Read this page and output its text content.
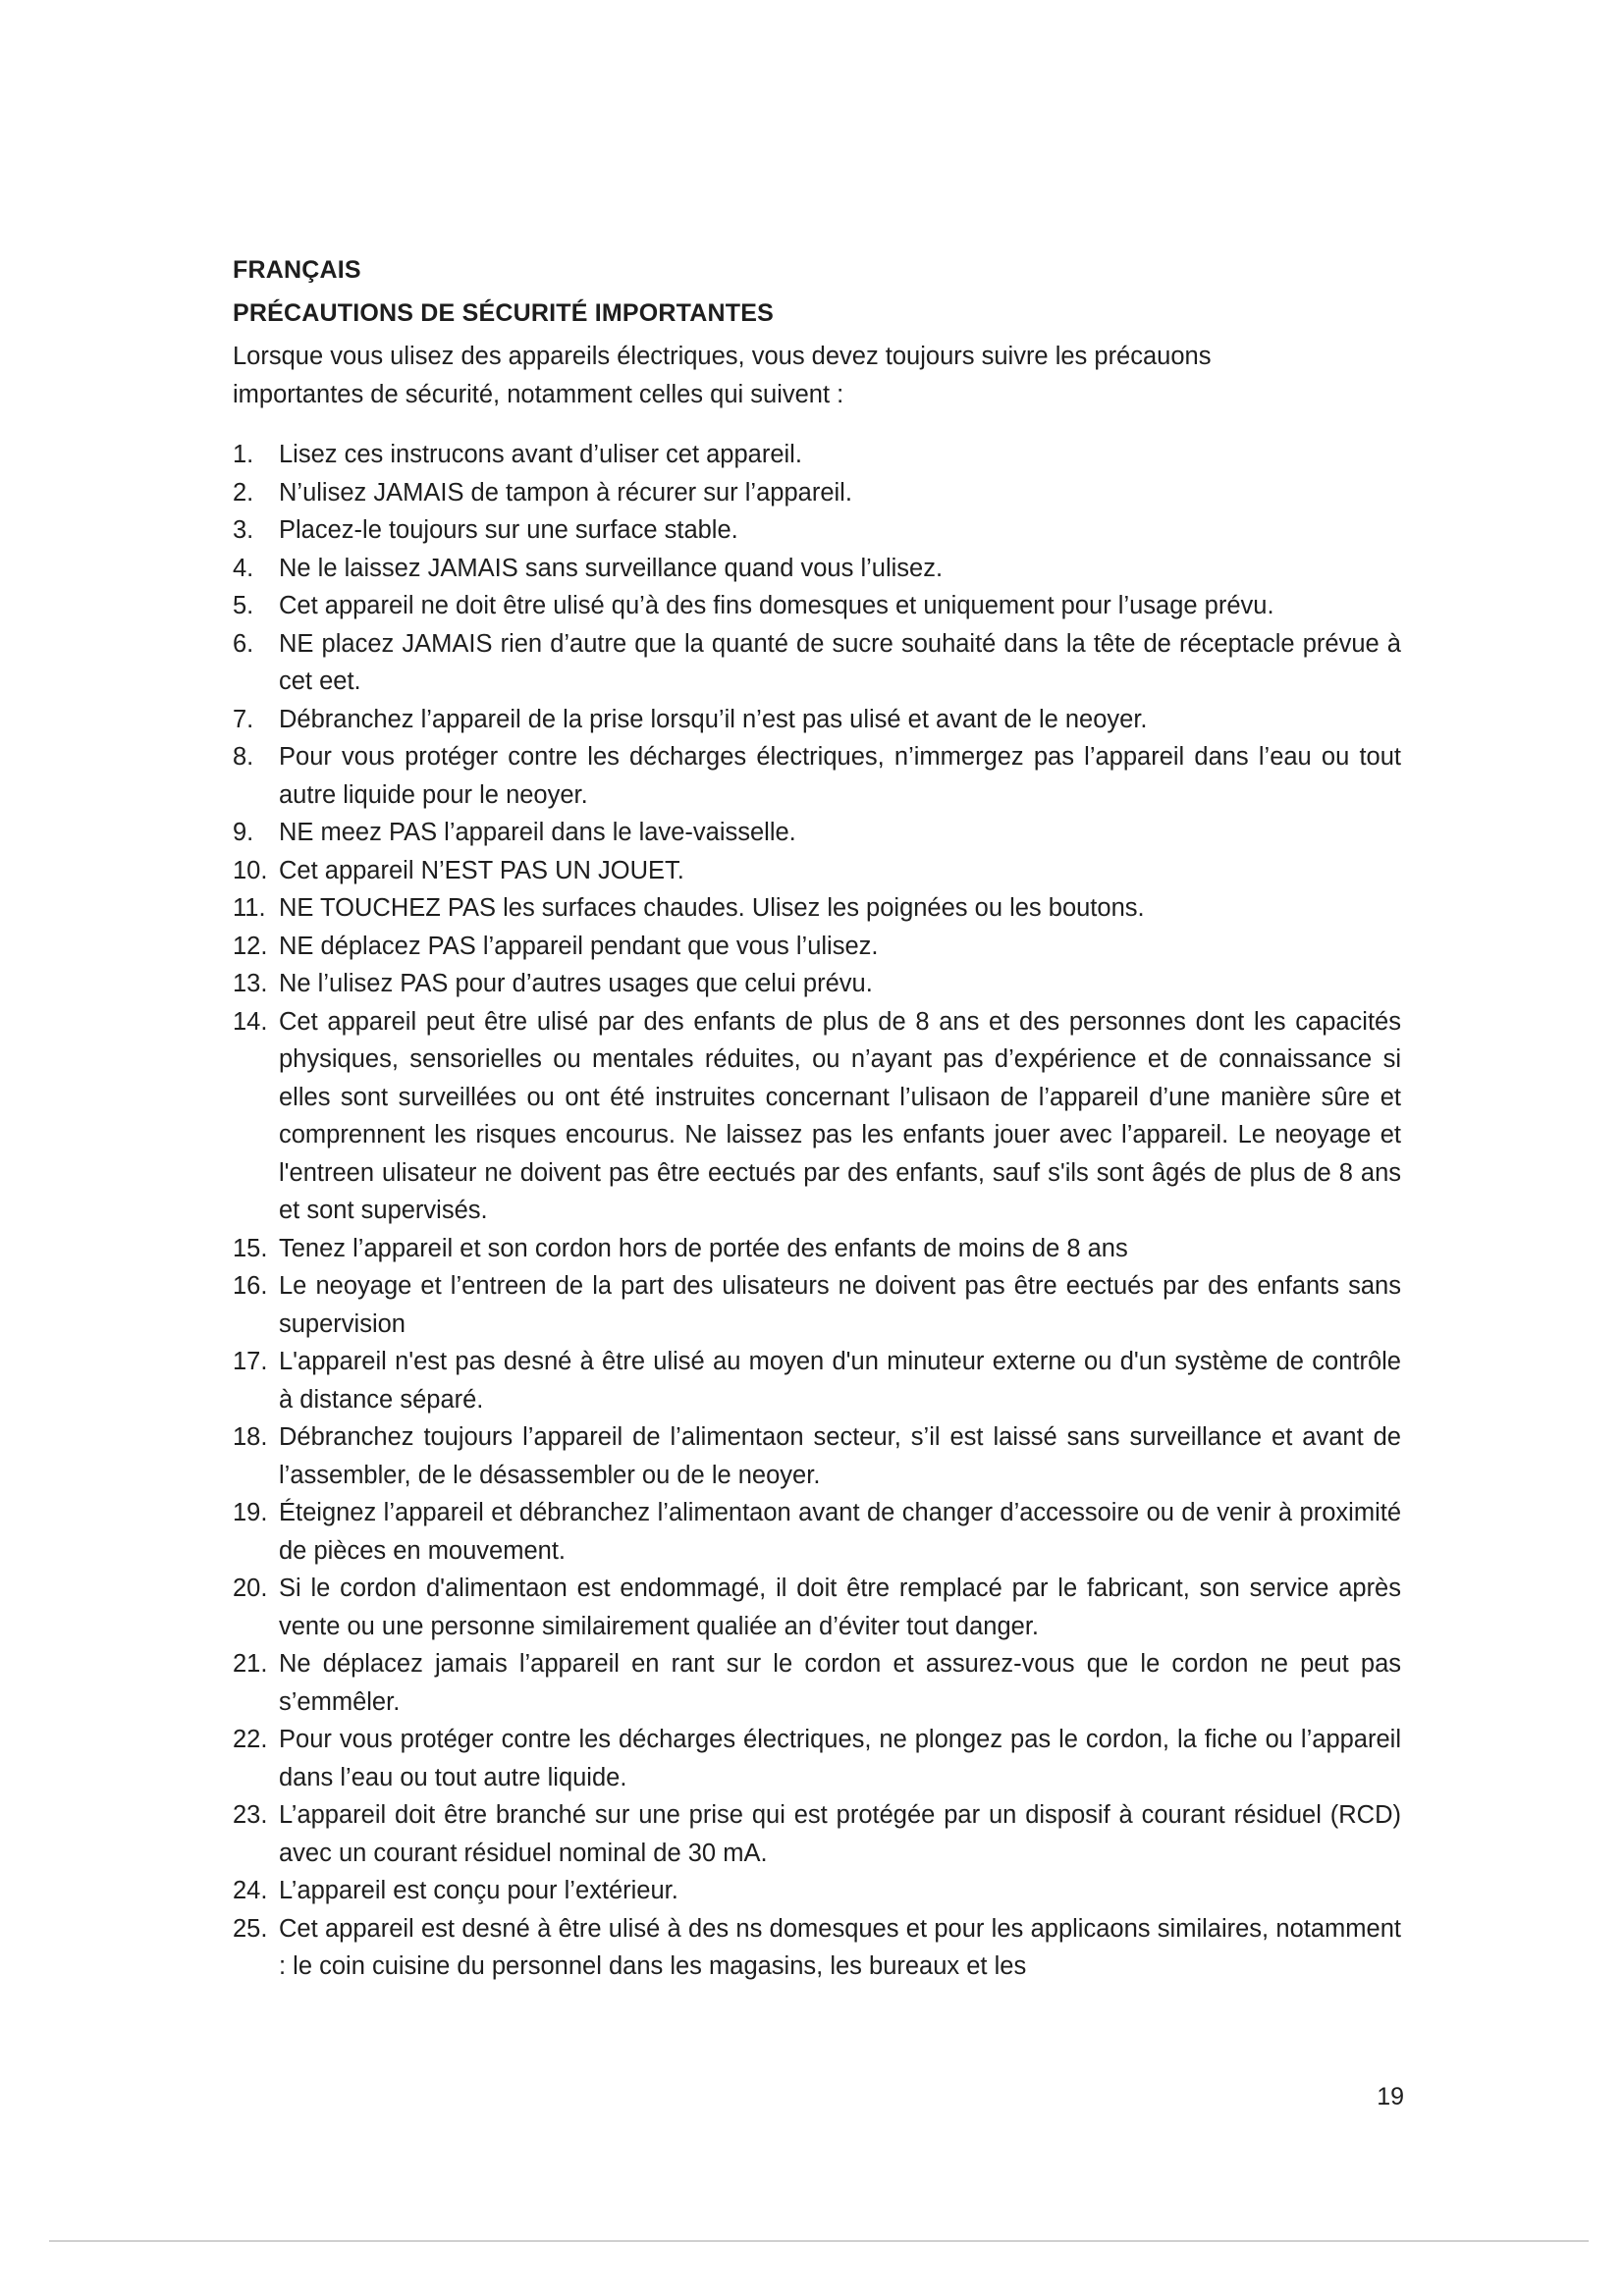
FRANÇAIS

PRÉCAUTIONS DE SÉCURITÉ IMPORTANTES

Lorsque vous ulisez des appareils électriques, vous devez toujours suivre les précauons importantes de sécurité, notamment celles qui suivent :

1. Lisez ces instrucons avant d’uliser cet appareil.
2. N’ulisez JAMAIS de tampon à récurer sur l’appareil.
3. Placez-le toujours sur une surface stable.
4. Ne le laissez JAMAIS sans surveillance quand vous l’ulisez.
5. Cet appareil ne doit être ulisé qu’à des fins domesques et uniquement pour l’usage prévu.
6. NE placez JAMAIS rien d’autre que la quanté de sucre souhaité dans la tête de réceptacle prévue à cet eet.
7. Débranchez l’appareil de la prise lorsqu’il n’est pas ulisé et avant de le neoyer.
8. Pour vous protéger contre les décharges électriques, n’immergez pas l’appareil dans l’eau ou tout autre liquide pour le neoyer.
9. NE meez PAS l’appareil dans le lave-vaisselle.
10. Cet appareil N’EST PAS UN JOUET.
11. NE TOUCHEZ PAS les surfaces chaudes. Ulisez les poignées ou les boutons.
12. NE déplacez PAS l’appareil pendant que vous l’ulisez.
13. Ne l’ulisez PAS pour d’autres usages que celui prévu.
14. Cet appareil peut être ulisé par des enfants de plus de 8 ans et des personnes dont les capacités physiques, sensorielles ou mentales réduites, ou n’ayant pas d’expérience et de connaissance si elles sont surveillées ou ont été instruites concernant l’ulisaon de l’appareil d’une manière sûre et comprennent les risques encourus. Ne laissez pas les enfants jouer avec l’appareil. Le neoyage et l'entreen ulisateur ne doivent pas être eectués par des enfants, sauf s'ils sont âgés de plus de 8 ans et sont supervisés.
15. Tenez l’appareil et son cordon hors de portée des enfants de moins de 8 ans
16. Le neoyage et l’entreen de la part des ulisateurs ne doivent pas être eectués par des enfants sans supervision
17. L'appareil n'est pas desné à être ulisé au moyen d'un minuteur externe ou d'un système de contrôle à distance séparé.
18. Débranchez toujours l’appareil de l’alimentaon secteur, s’il est laissé sans surveillance et avant de l’assembler, de le désassembler ou de le neoyer.
19. Éteignez l’appareil et débranchez l’alimentaon avant de changer d’accessoire ou de venir à proximité de pièces en mouvement.
20. Si le cordon d'alimentaon est endommagé, il doit être remplacé par le fabricant, son service après vente ou une personne similairement qualiée an d’éviter tout danger.
21. Ne déplacez jamais l’appareil en rant sur le cordon et assurez-vous que le cordon ne peut pas s’emmêler.
22. Pour vous protéger contre les décharges électriques, ne plongez pas le cordon, la fiche ou l’appareil dans l’eau ou tout autre liquide.
23. L’appareil doit être branché sur une prise qui est protégée par un disposif à courant résiduel (RCD) avec un courant résiduel nominal de 30 mA.
24. L’appareil est conçu pour l’extérieur.
25. Cet appareil est desné à être ulisé à des ns domesques et pour les applicaons similaires, notamment : le coin cuisine du personnel dans les magasins, les bureaux et les
19
